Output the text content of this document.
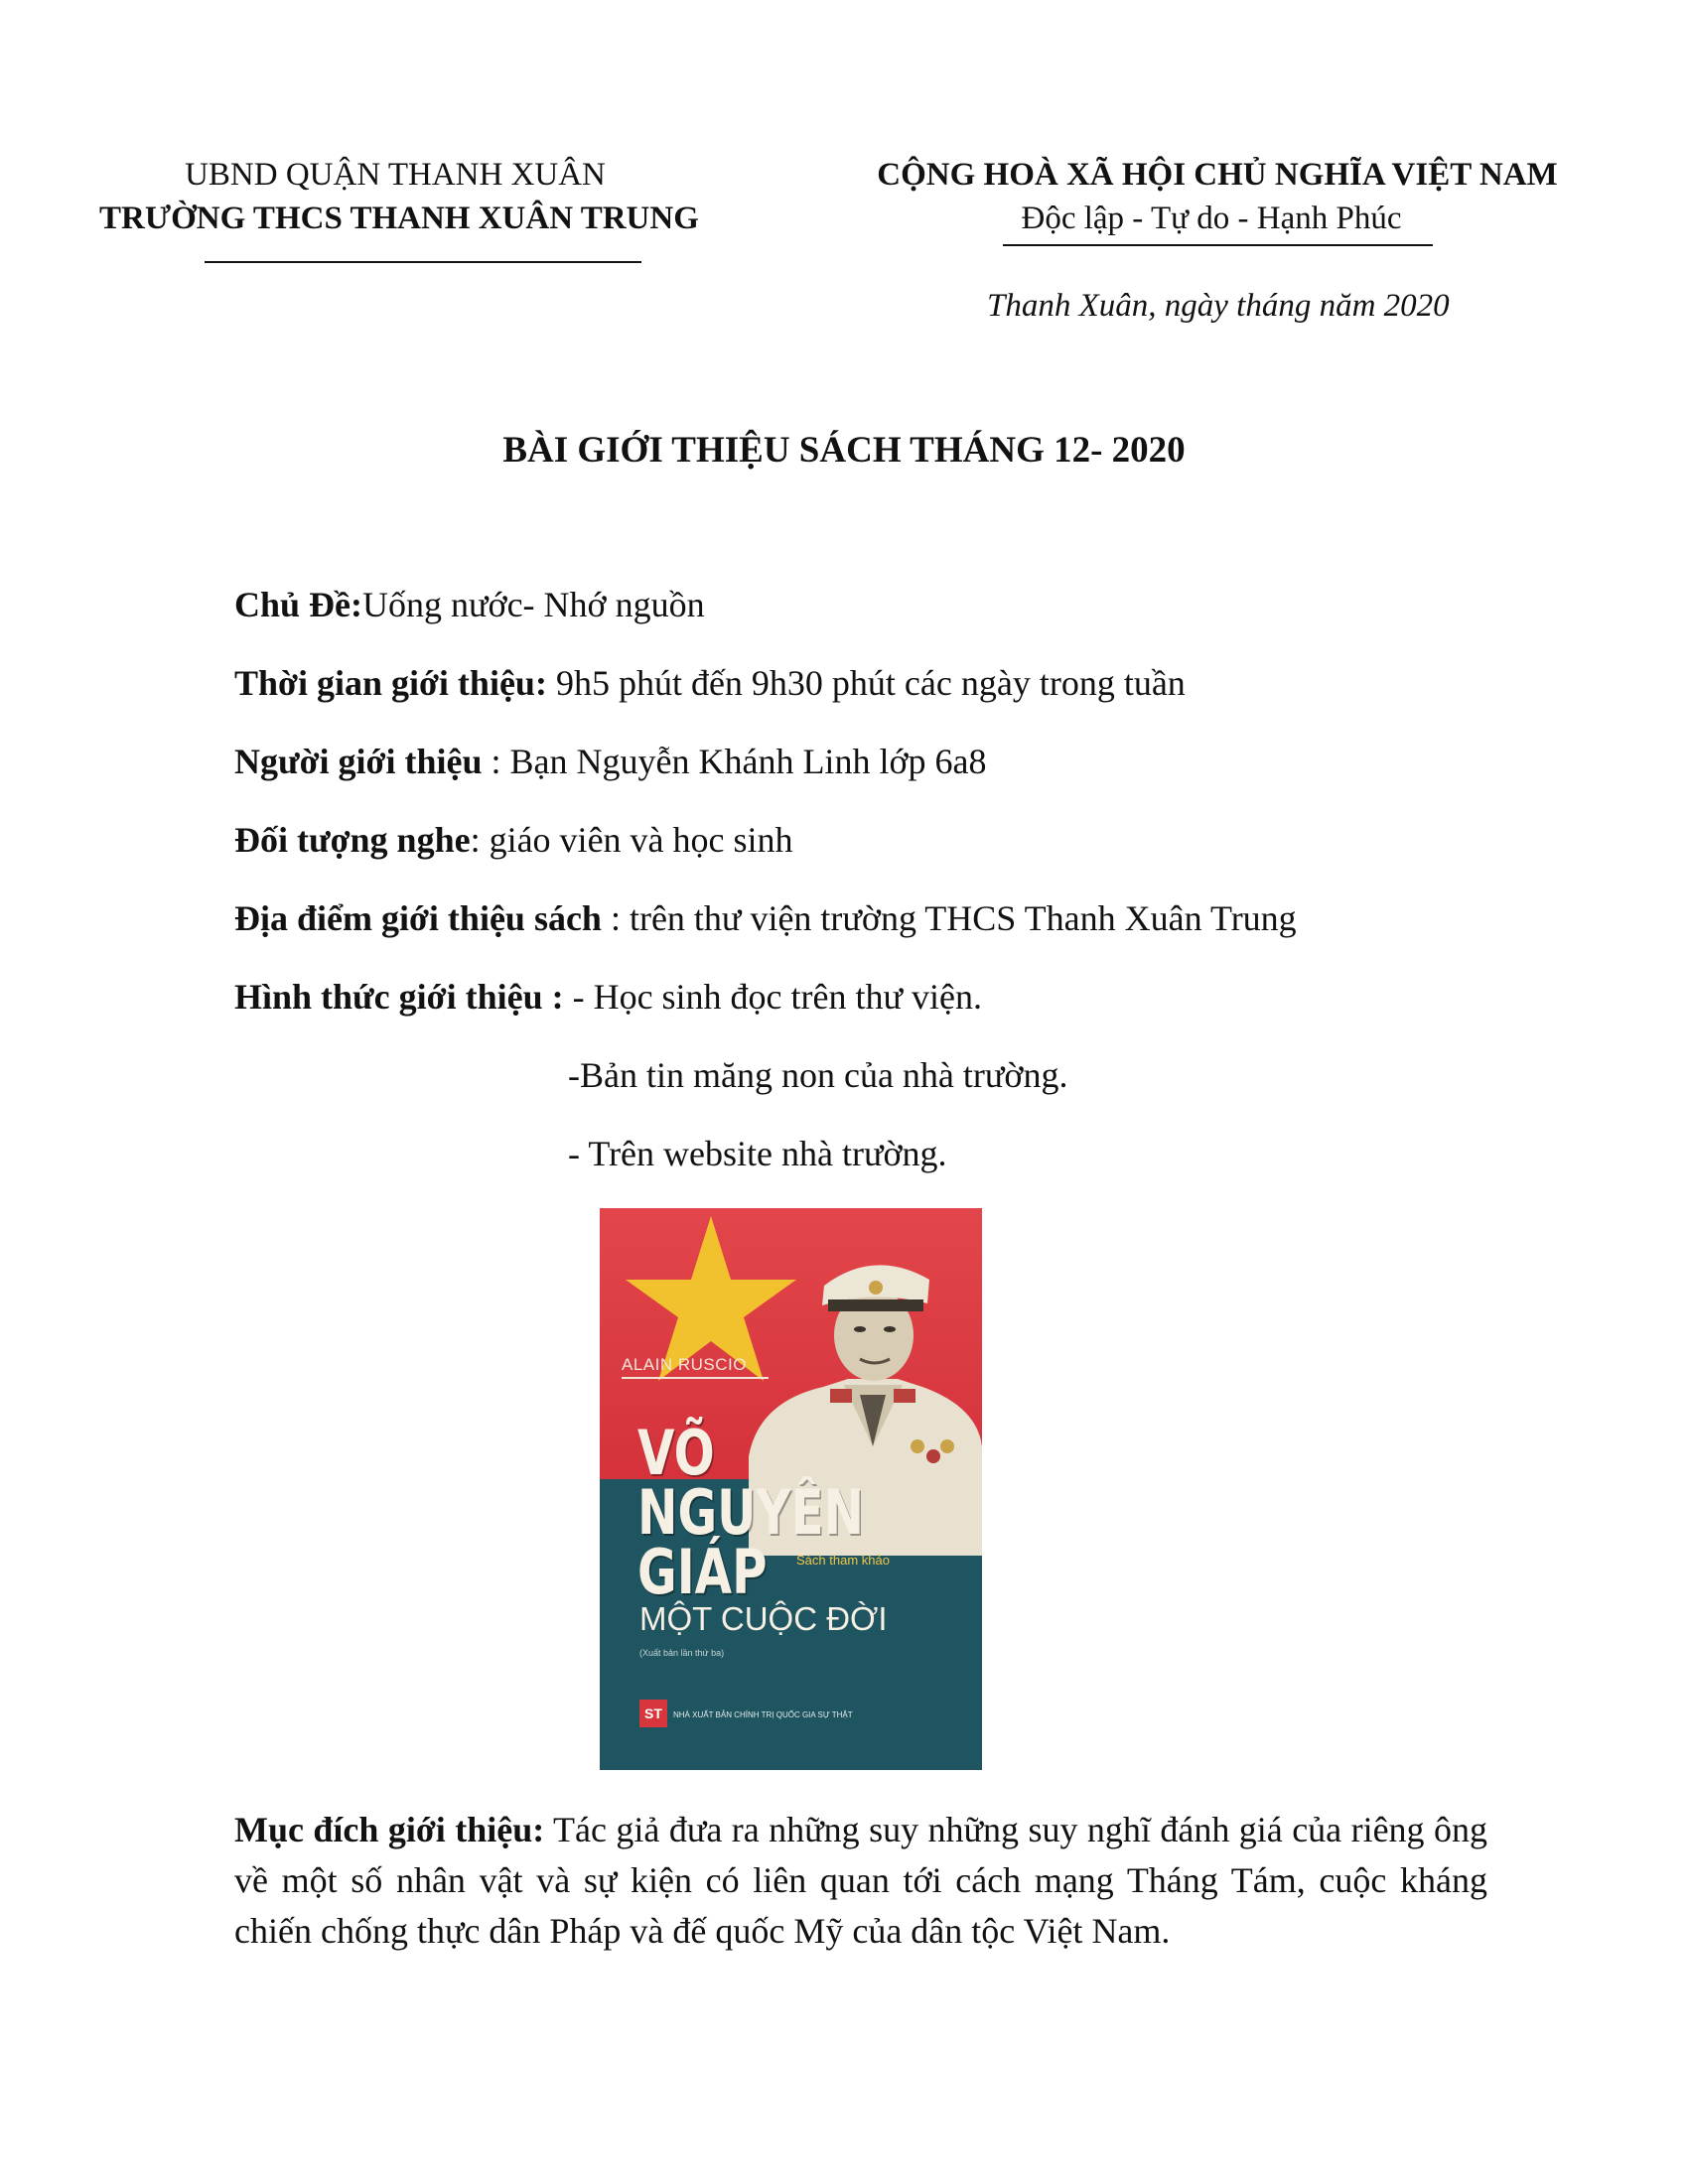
UBND QUẬN THANH XUÂN
TRƯỜNG THCS THANH XUÂN TRUNG
CỘNG HOÀ XÃ HỘI CHỦ NGHĨA VIỆT NAM
Độc lập - Tự do - Hạnh Phúc
Thanh Xuân, ngày tháng năm 2020
BÀI GIỚI THIỆU SÁCH THÁNG 12- 2020
Chủ Đề:Uống nước- Nhớ nguồn
Thời gian giới thiệu: 9h5 phút đến 9h30 phút các ngày trong tuần
Người giới thiệu : Bạn Nguyễn Khánh Linh lớp 6a8
Đối tượng nghe: giáo viên và học sinh
Địa điểm giới thiệu sách : trên thư viện trường THCS Thanh Xuân Trung
Hình thức giới thiệu : - Học sinh đọc trên thư viện.
-Bản tin măng non của nhà trường.
- Trên website nhà trường.
ALAIN RUSCIO
VÕ
NGUYÊN
GIÁP Sách tham khảo
MỘT CUỘC ĐỜI
(Xuất bản lần thứ ba)
ST	NHÀ XUẤT BẢN CHÍNH TRỊ QUỐC GIA SỰ THẬT
Mục đích giới thiệu: Tác giả đưa ra những suy những suy nghĩ đánh giá của riêng ông về một số nhân vật và sự kiện có liên quan tới cách mạng Tháng Tám, cuộc kháng chiến chống thực dân Pháp và đế quốc Mỹ của dân tộc Việt Nam.
